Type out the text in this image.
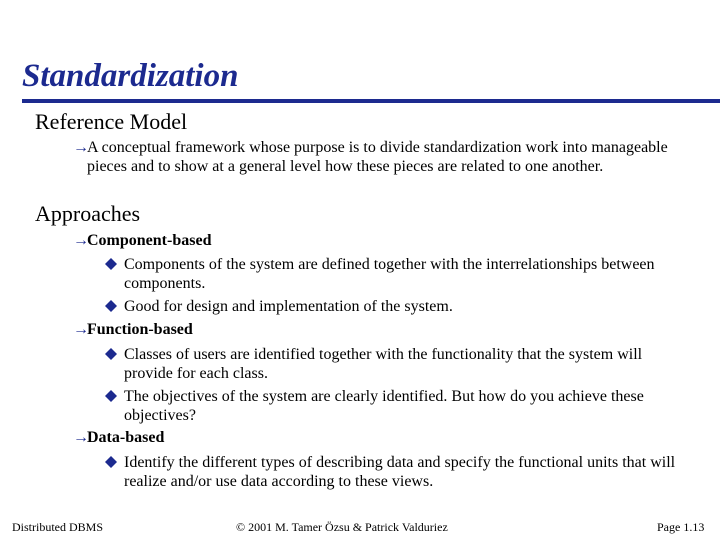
Standardization
Reference Model
→A conceptual framework whose purpose is to divide standardization work into manageable pieces and to show at a general level how these pieces are related to one another.
Approaches
→Component-based
Components of the system are defined together with the interrelationships between components.
Good for design and implementation of the system.
→Function-based
Classes of users are identified together with the functionality that the system will provide for each class.
The objectives of the system are clearly identified. But how do you achieve these objectives?
→Data-based
Identify the different types of describing data and specify the functional units that will realize and/or use data according to these views.
Distributed DBMS	© 2001 M. Tamer Özsu & Patrick Valduriez	Page 1.13
